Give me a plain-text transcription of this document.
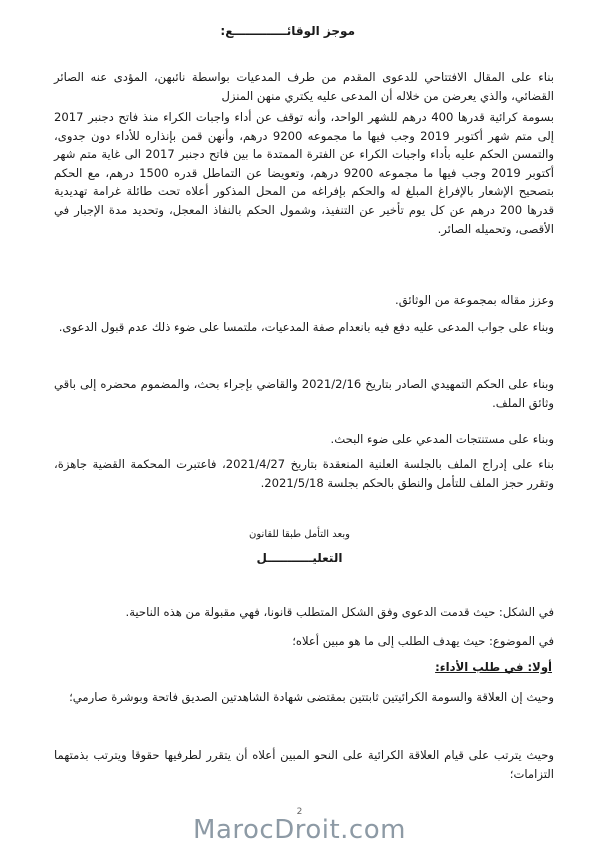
موجز الوقائـــــــــــــع:

بناء على المقال الافتتاحي للدعوى المقدم من طرف المدعيات بواسطة نائبهن، المؤدى عنه الصائر القضائي، والذي يعرضن من خلاله أن المدعى عليه يكتري منهن المنزل

بسومة كرائية قدرها 400 درهم للشهر الواحد، وأنه توقف عن أداء واجبات الكراء منذ فاتح دجنبر 2017 إلى متم شهر أكتوبر 2019 وجب فيها ما مجموعه 9200 درهم، وأنهن قمن بإنذاره للأداء دون جدوى، والتمسن الحكم عليه بأداء واجبات الكراء عن الفترة الممتدة ما بين فاتح دجنبر 2017 الى غاية متم شهر أكتوبر 2019 وجب فيها ما مجموعه 9200 درهم، وتعويضا عن التماطل قدره 1500 درهم، مع الحكم بتصحيح الإشعار بالإفراغ المبلغ له والحكم بإفراغه من المحل المذكور أعلاه تحت طائلة غرامة تهديدية قدرها 200 درهم عن كل يوم تأخير عن التنفيذ، وشمول الحكم بالنفاذ المعجل، وتحديد مدة الإجبار في الأقصى، وتحميله الصائر.

وعزز مقاله بمجموعة من الوثائق.

وبناء على جواب المدعى عليه دفع فيه بانعدام صفة المدعيات، ملتمسا على ضوء ذلك عدم قبول الدعوى.

وبناء على الحكم التمهيدي الصادر بتاريخ 2021/2/16 والقاضي بإجراء بحث، والمضموم محضره إلى باقي وثائق الملف.

وبناء على مستنتجات المدعي على ضوء البحث.

بناء على إدراج الملف بالجلسة العلنية المنعقدة بتاريخ 2021/4/27، فاعتبرت المحكمة القضية جاهزة، وتقرر حجز الملف للتأمل والنطق بالحكم بجلسة 2021/5/18.

وبعد التأمل طبقا للقانون

التعليـــــــــــل

في الشكل: حيث قدمت الدعوى وفق الشكل المتطلب قانونا، فهي مقبولة من هذه الناحية.

في الموضوع: حيث يهدف الطلب إلى ما هو مبين أعلاه؛

أولا: في طلب الأداء:

وحيث إن العلاقة والسومة الكرائيتين ثابتتين بمقتضى شهادة الشاهدتين الصديق فاتحة وبوشرة صارمي؛

وحيث يترتب على قيام العلاقة الكرائية على النحو المبين أعلاه أن يتقرر لطرفيها حقوقا ويترتب بذمتهما التزامات؛

2
MarocDroit.com
